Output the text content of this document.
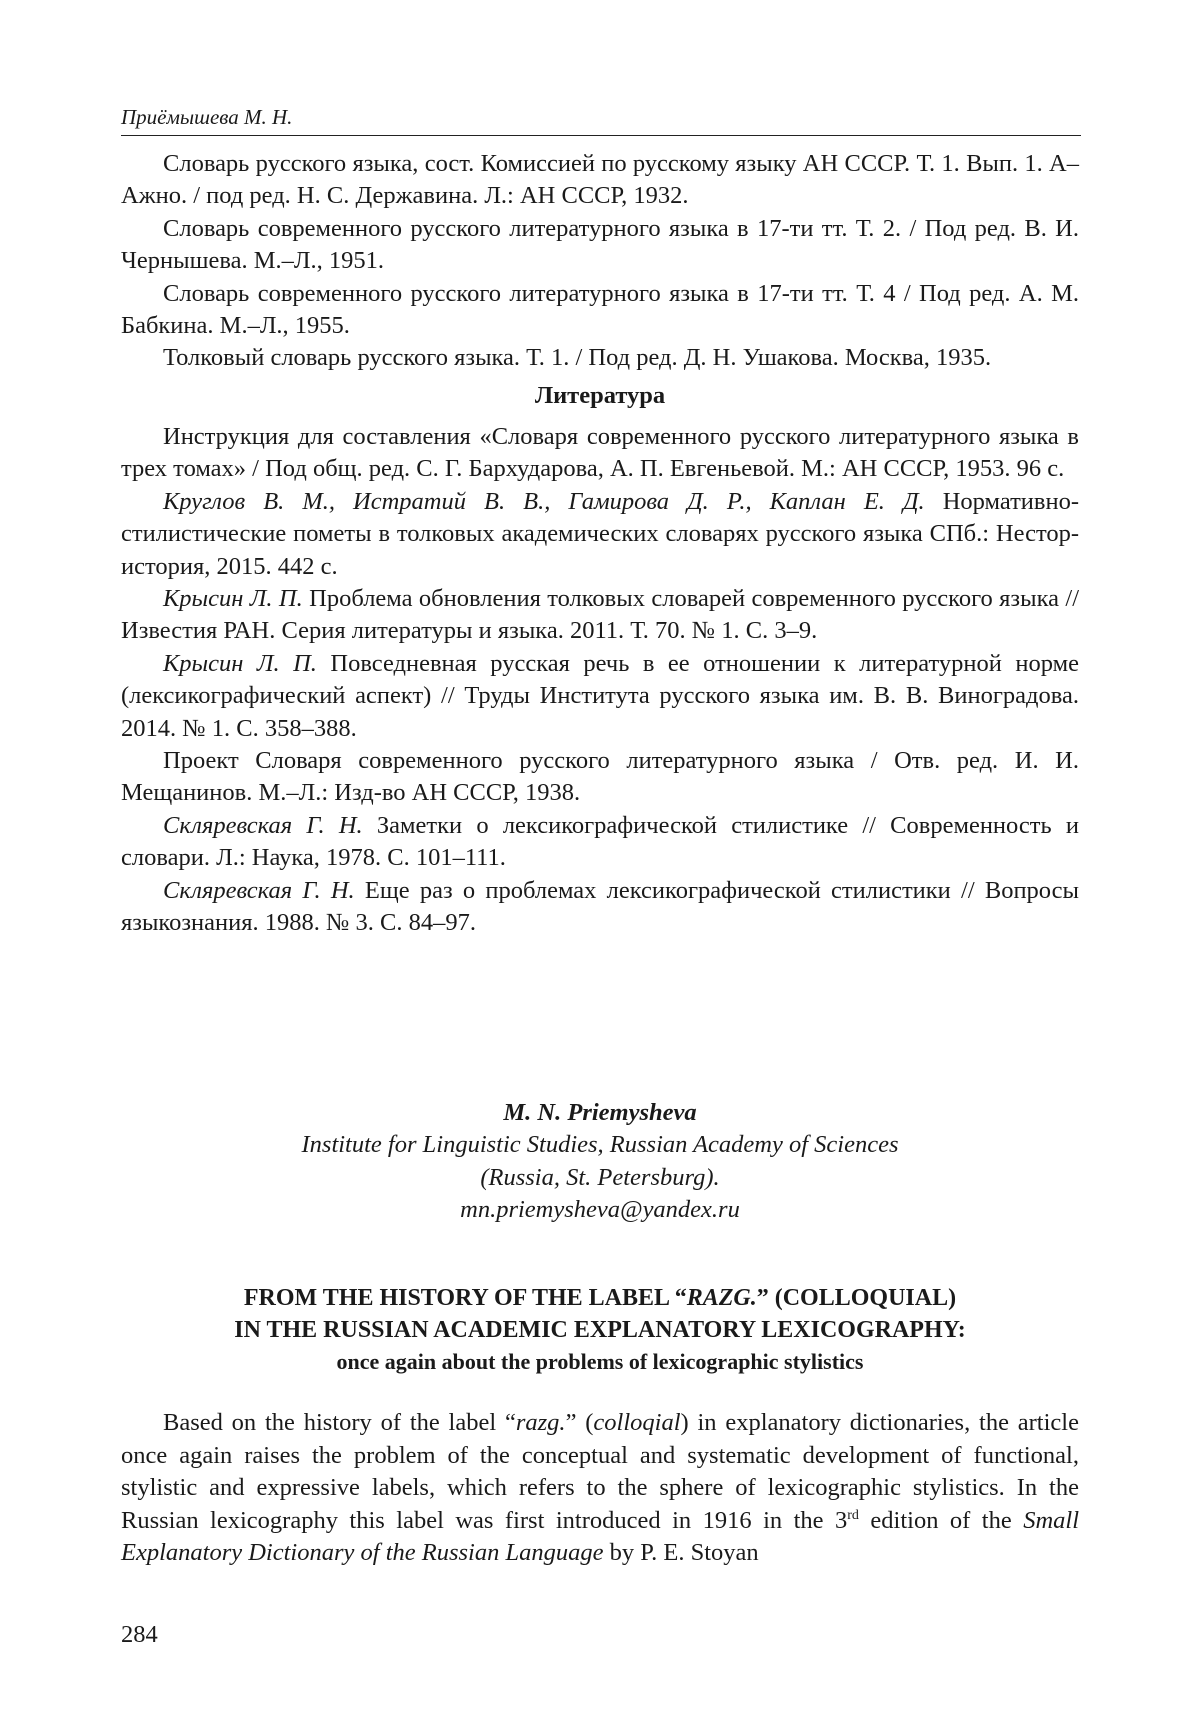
Приёмышева М. Н.

Словарь русского языка, сост. Комиссией по русскому языку АН СССР. Т. 1. Вып. 1. А–Ажно. / под ред. Н. С. Державина. Л.: АН СССР, 1932.

Словарь современного русского литературного языка в 17-ти тт. Т. 2. / Под ред. В. И. Чернышева. М.–Л., 1951.

Словарь современного русского литературного языка в 17-ти тт. Т. 4 / Под ред. А. М. Бабкина. М.–Л., 1955.

Толковый словарь русского языка. Т. 1. / Под ред. Д. Н. Ушакова. Москва, 1935.

Литература

Инструкция для составления «Словаря современного русского литературного языка в трех томах» / Под общ. ред. С. Г. Бархударова, А. П. Евгеньевой. М.: АН СССР, 1953. 96 с.

Круглов В. М., Истратий В. В., Гамирова Д. Р., Каплан Е. Д. Нормативно-стилистические пометы в толковых академических словарях русского языка СПб.: Нестор-история, 2015. 442 с.

Крысин Л. П. Проблема обновления толковых словарей современного русского языка // Известия РАН. Серия литературы и языка. 2011. Т. 70. № 1. С. 3–9.

Крысин Л. П. Повседневная русская речь в ее отношении к литературной норме (лексикографический аспект) // Труды Института русского языка им. В. В. Виноградова. 2014. № 1. С. 358–388.

Проект Словаря современного русского литературного языка / Отв. ред. И. И. Мещанинов. М.–Л.: Изд-во АН СССР, 1938.

Скляревская Г. Н. Заметки о лексикографической стилистике // Современность и словари. Л.: Наука, 1978. С. 101–111.

Скляревская Г. Н. Еще раз о проблемах лексикографической стилистики // Вопросы языкознания. 1988. № 3. С. 84–97.

M. N. Priemysheva
Institute for Linguistic Studies, Russian Academy of Sciences
(Russia, St. Petersburg).
mn.priemysheva@yandex.ru
FROM THE HISTORY OF THE LABEL “RAZG.” (COLLOQUIAL)
IN THE RUSSIAN ACADEMIC EXPLANATORY LEXICOGRAPHY:
once again about the problems of lexicographic stylistics

Based on the history of the label “razg.” (colloqial) in explanatory dictionaries, the article once again raises the problem of the conceptual and systematic development of functional, stylistic and expressive labels, which refers to the sphere of lexicographic stylistics. In the Russian lexicography this label was first introduced in 1916 in the 3rd edition of the Small Explanatory Dictionary of the Russian Language by P. E. Stoyan

284
